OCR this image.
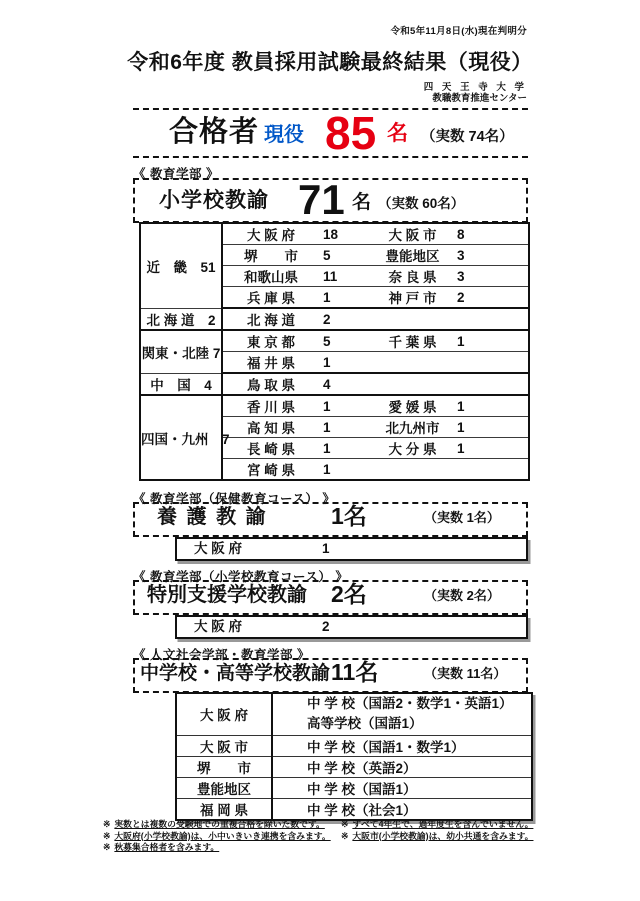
令和5年11月8日(水)現在判明分
令和6年度 教員採用試験最終結果（現役）
四 天 王 寺 大 学
教職教育推進センター
合格者 現役 85 名 （実数 74名）
《 教育学部 》
小学校教諭 71 名 （実数 60名）
近　畿　51	大 阪 府	18	大 阪 市	8
	堺　　市	5	豊能地区	3
	和歌山県	11	奈 良 県	3
	兵 庫 県	1	神 戸 市	2
北 海 道　2	北 海 道	2		
関東・北陸 7	東 京 都	5	千 葉 県	1
	福 井 県	1		
中　国　4	鳥 取 県	4		
四国・九州　7	香 川 県	1	愛 媛 県	1
	高 知 県	1	北九州市	1
	長 崎 県	1	大 分 県	1
	宮 崎 県	1		
《 教育学部（保健教育コース） 》
養 護 教 諭	1名	（実数 1名）
大 阪 府	1
《 教育学部（小学校教育コース） 》
特別支援学校教諭 2名	（実数 2名）
大 阪 府	2
《 人文社会学部・教育学部 》
中学校・高等学校教諭 11名	（実数 11名）
大 阪 府	中 学 校（国語2・数学1・英語1）
高等学校（国語1）

大 阪 市	中 学 校（国語1・数学1）
堺　　市	中 学 校（英語2）
豊能地区	中 学 校（国語1）
福 岡 県	中 学 校（社会1）
※ 実数とは複数の受験地での重複合格を除いた数です。
※ 大阪府(小学校教諭)は、小中いきいき連携を含みます。
※ 秋募集合格者を含みます。
※ すべて4年生で、過年度生を含んでいません。
※ 大阪市(小学校教諭)は、幼小共通を含みます。
